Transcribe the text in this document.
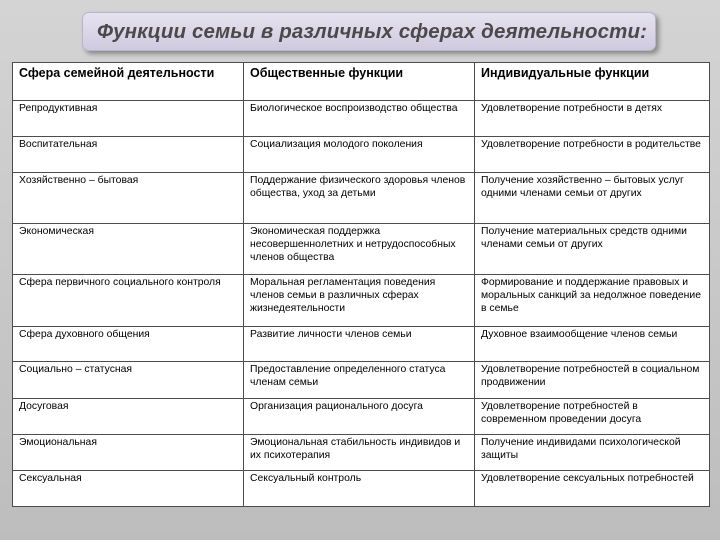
Функции семьи в различных сферах деятельности:
Сфера семейной деятельности	Общественные функции	Индивидуальные функции
Репродуктивная	Биологическое воспроизводство общества	Удовлетворение потребности в детях
Воспитательная	Социализация молодого поколения	Удовлетворение потребности в родительстве
Хозяйственно – бытовая	Поддержание физического здоровья членов общества, уход за детьми	Получение хозяйственно – бытовых услуг одними членами семьи от других
Экономическая	Экономическая поддержка несовершеннолетних и нетрудоспособных членов общества	Получение материальных средств одними членами семьи от других
Сфера первичного социального контроля	Моральная регламентация поведения членов семьи в различных сферах жизнедеятельности	Формирование и поддержание правовых и моральных санкций за недолжное поведение в семье
Сфера духовного общения	Развитие личности членов семьи	Духовное взаимообщение членов семьи
Социально – статусная	Предоставление определенного статуса членам семьи	Удовлетворение потребностей в социальном продвижении
Досуговая	Организация рационального досуга	Удовлетворение потребностей в современном проведении досуга
Эмоциональная	Эмоциональная стабильность индивидов и их психотерапия	Получение индивидами психологической защиты
Сексуальная	Сексуальный контроль	Удовлетворение сексуальных потребностей
